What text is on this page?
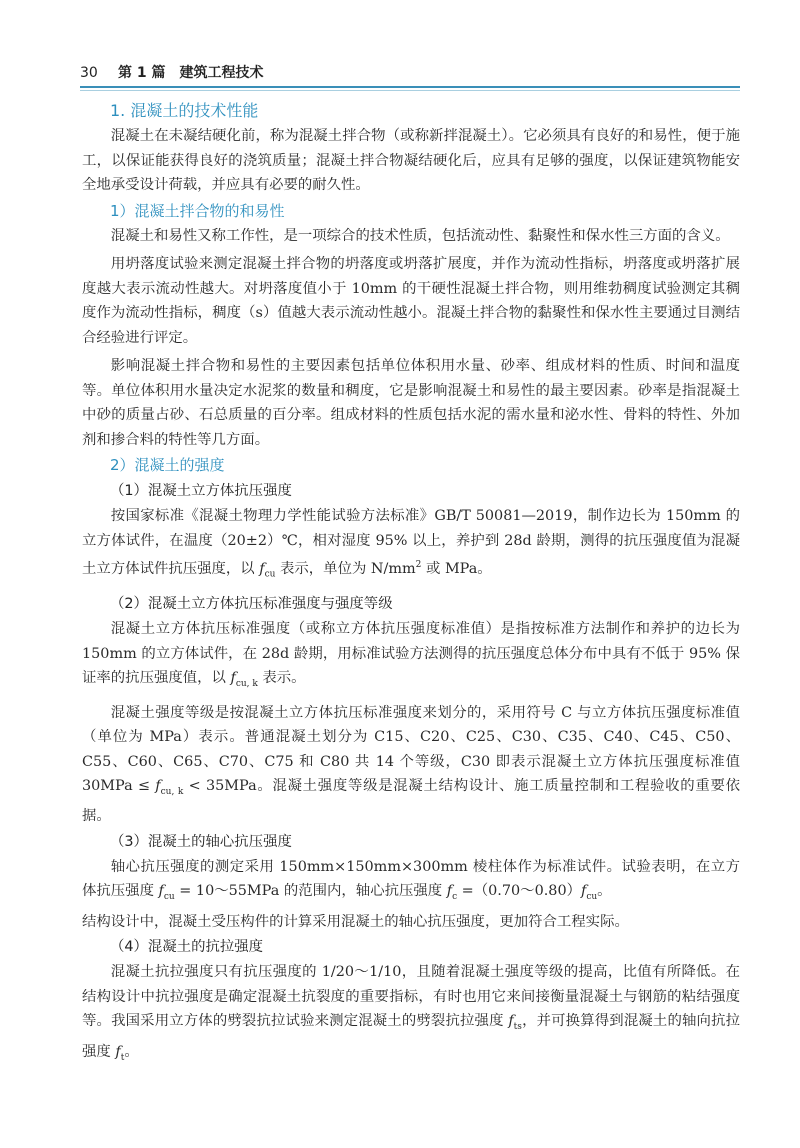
30 第 1 篇 建筑工程技术
1. 混凝土的技术性能

混凝土在未凝结硬化前，称为混凝土拌合物（或称新拌混凝土）。它必须具有良好的和易性，便于施工，以保证能获得良好的浇筑质量；混凝土拌合物凝结硬化后，应具有足够的强度，以保证建筑物能安全地承受设计荷载，并应具有必要的耐久性。

1）混凝土拌合物的和易性

混凝土和易性又称工作性，是一项综合的技术性质，包括流动性、黏聚性和保水性三方面的含义。

用坍落度试验来测定混凝土拌合物的坍落度或坍落扩展度，并作为流动性指标，坍落度或坍落扩展度越大表示流动性越大。对坍落度值小于 10mm 的干硬性混凝土拌合物，则用维勃稠度试验测定其稠度作为流动性指标，稠度（s）值越大表示流动性越小。混凝土拌合物的黏聚性和保水性主要通过目测结合经验进行评定。

影响混凝土拌合物和易性的主要因素包括单位体积用水量、砂率、组成材料的性质、时间和温度等。单位体积用水量决定水泥浆的数量和稠度，它是影响混凝土和易性的最主要因素。砂率是指混凝土中砂的质量占砂、石总质量的百分率。组成材料的性质包括水泥的需水量和泌水性、骨料的特性、外加剂和掺合料的特性等几方面。

2）混凝土的强度
（1）混凝土立方体抗压强度

按国家标准《混凝土物理力学性能试验方法标准》GB/T 50081—2019，制作边长为 150mm 的立方体试件，在温度（20±2）℃，相对湿度 95% 以上，养护到 28d 龄期，测得的抗压强度值为混凝土立方体试件抗压强度，以 $f_{cu}$ 表示，单位为 $N/mm^2$ 或 MPa。

（2）混凝土立方体抗压标准强度与强度等级

混凝土立方体抗压标准强度（或称立方体抗压强度标准值）是指按标准方法制作和养护的边长为 150mm 的立方体试件，在 28d 龄期，用标准试验方法测得的抗压强度总体分布中具有不低于 95% 保证率的抗压强度值，以 $f_{cu, k}$ 表示。

混凝土强度等级是按混凝土立方体抗压标准强度来划分的，采用符号 C 与立方体抗压强度标准值（单位为 MPa）表示。普通混凝土划分为 C15、C20、C25、C30、C35、C40、C45、C50、C55、C60、C65、C70、C75 和 C80 共 14 个等级，C30 即表示混凝土立方体抗压强度标准值 $30MPa \le f_{cu, k} < 35MPa$。混凝土强度等级是混凝土结构设计、施工质量控制和工程验收的重要依据。

（3）混凝土的轴心抗压强度

轴心抗压强度的测定采用 150mm×150mm×300mm 棱柱体作为标准试件。试验表明，在立方体抗压强度 $f_{cu}$ = 10～55MPa 的范围内，轴心抗压强度 $f_c$ $=(0.70\sim 0.80)f_{cu}$。

结构设计中，混凝土受压构件的计算采用混凝土的轴心抗压强度，更加符合工程实际。

（4）混凝土的抗拉强度

混凝土抗拉强度只有抗压强度的 1/20～1/10，且随着混凝土强度等级的提高，比值有所降低。在结构设计中抗拉强度是确定混凝土抗裂度的重要指标，有时也用它来间接衡量混凝土与钢筋的粘结强度等。我国采用立方体的劈裂抗拉试验来测定混凝土的劈裂抗拉强度 $f_{ts}$，并可换算得到混凝土的轴向抗拉强度 $f_t$。
